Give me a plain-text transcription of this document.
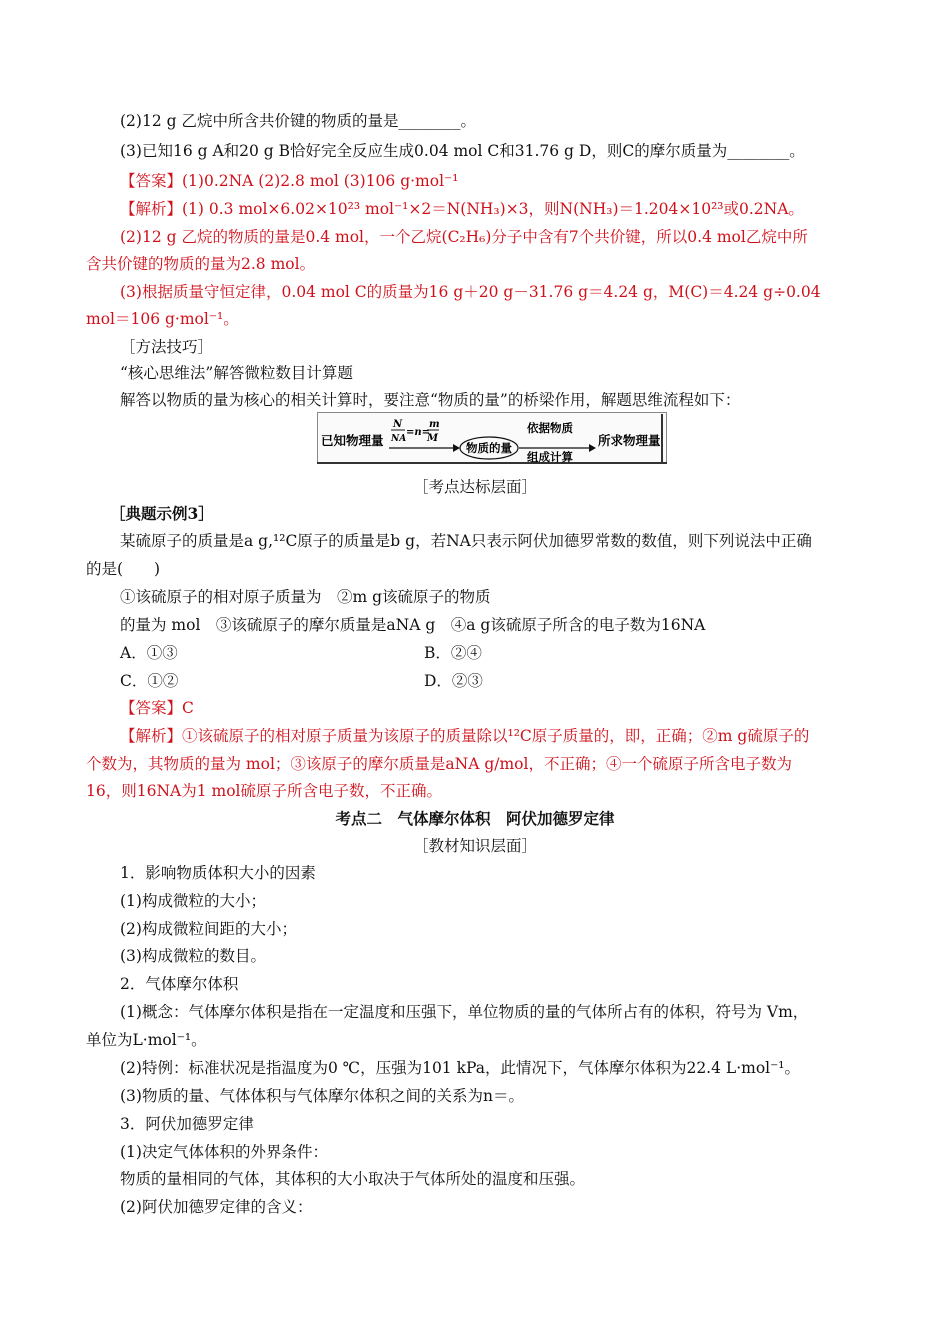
(2)12 g 乙烷中所含共价键的物质的量是________。
(3)已知16 g A和20 g B恰好完全反应生成0.04 mol C和31.76 g D，则C的摩尔质量为________。
【答案】(1)0.2NA (2)2.8 mol (3)106 g·mol⁻¹
【解析】(1) 0.3 mol×6.02×10²³ mol⁻¹×2＝N(NH₃)×3，则N(NH₃)＝1.204×10²³或0.2NA。
(2)12 g 乙烷的物质的量是0.4 mol，一个乙烷(C₂H₆)分子中含有7个共价键，所以0.4 mol乙烷中所
含共价键的物质的量为2.8 mol。
(3)根据质量守恒定律，0.04 mol C的质量为16 g＋20 g－31.76 g＝4.24 g，M(C)＝4.24 g÷0.04
mol＝106 g·mol⁻¹。
［方法技巧］
“核心思维法”解答微粒数目计算题
解答以物质的量为核心的相关计算时，要注意“物质的量”的桥梁作用，解题思维流程如下：
已知物理量
N
NA
=n=
m
M
物质的量
依据物质
组成计算
所求物理量
［考点达标层面］
［典题示例3］
某硫原子的质量是a g,¹²C原子的质量是b g，若NA只表示阿伏加德罗常数的数值，则下列说法中正确
的是(　　)
①该硫原子的相对原子质量为　②m g该硫原子的物质
的量为 mol　③该硫原子的摩尔质量是aNA g　④a g该硫原子所含的电子数为16NA
A．①③	B．②④
C．①②	D．②③
【答案】C
【解析】①该硫原子的相对原子质量为该原子的质量除以¹²C原子质量的，即，正确；②m g硫原子的
个数为，其物质的量为 mol；③该原子的摩尔质量是aNA g/mol，不正确；④一个硫原子所含电子数为
16，则16NA为1 mol硫原子所含电子数，不正确。
考点二　气体摩尔体积　阿伏加德罗定律
［教材知识层面］
1．影响物质体积大小的因素
(1)构成微粒的大小；
(2)构成微粒间距的大小；
(3)构成微粒的数目。
2．气体摩尔体积
(1)概念：气体摩尔体积是指在一定温度和压强下，单位物质的量的气体所占有的体积，符号为 Vm，
单位为L·mol⁻¹。
(2)特例：标准状况是指温度为0 ℃，压强为101 kPa，此情况下，气体摩尔体积为22.4 L·mol⁻¹。
(3)物质的量、气体体积与气体摩尔体积之间的关系为n＝。
3．阿伏加德罗定律
(1)决定气体体积的外界条件：
物质的量相同的气体，其体积的大小取决于气体所处的温度和压强。
(2)阿伏加德罗定律的含义：
